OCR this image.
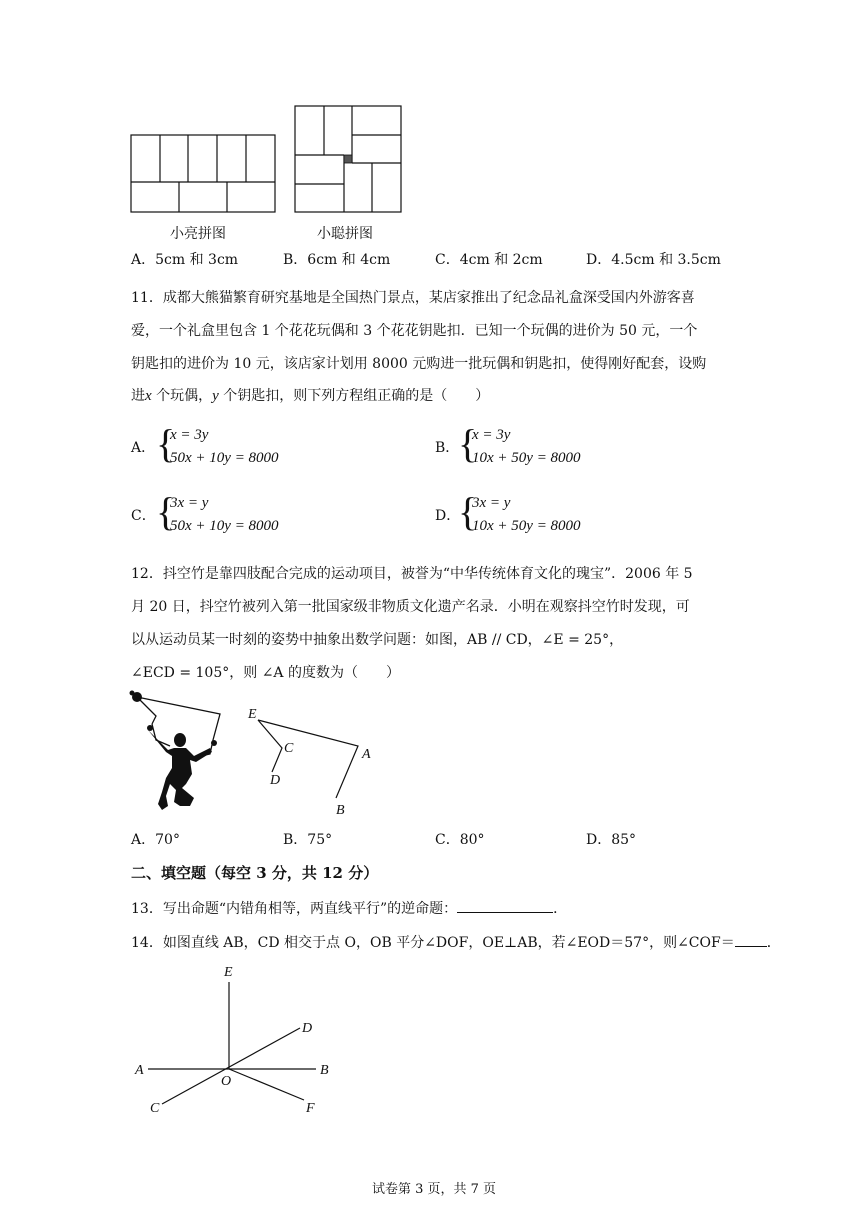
小亮拼图	小聪拼图
A．5cm 和 3cm	B．6cm 和 4cm	C．4cm 和 2cm	D．4.5cm 和 3.5cm
11．成都大熊猫繁育研究基地是全国热门景点，某店家推出了纪念品礼盒深受国内外游客喜
爱，一个礼盒里包含 1 个花花玩偶和 3 个花花钥匙扣．已知一个玩偶的进价为 50 元，一个
钥匙扣的进价为 10 元，该店家计划用 8000 元购进一批玩偶和钥匙扣，使得刚好配套，设购
进x 个玩偶，y 个钥匙扣，则下列方程组正确的是（　　）
A． {
x = 3y
50x + 10y = 8000
B．
{
x = 3y
10x + 50y = 8000
C． {
3x = y
50x + 10y = 8000
D．
{
3x = y
10x + 50y = 8000
12．抖空竹是靠四肢配合完成的运动项目，被誉为“中华传统体育文化的瑰宝”．2006 年 5
月 20 日，抖空竹被列入第一批国家级非物质文化遗产名录．小明在观察抖空竹时发现，可
以从运动员某一时刻的姿势中抽象出数学问题：如图，AB // CD，∠E = 25°，
∠ECD = 105°，则 ∠A 的度数为（　　）
E
C
D
A
B
A．70°	B．75°	C．80°	D．85°
二、填空题（每空 3 分，共 12 分）
13．写出命题“内错角相等，两直线平行”的逆命题：	．
14．如图直线 AB，CD 相交于点 O，OB 平分∠DOF，OE⊥AB，若∠EOD＝57°，则∠COF＝ ．
E
D
A
O
B
C	F
试卷第 3 页，共 7 页
